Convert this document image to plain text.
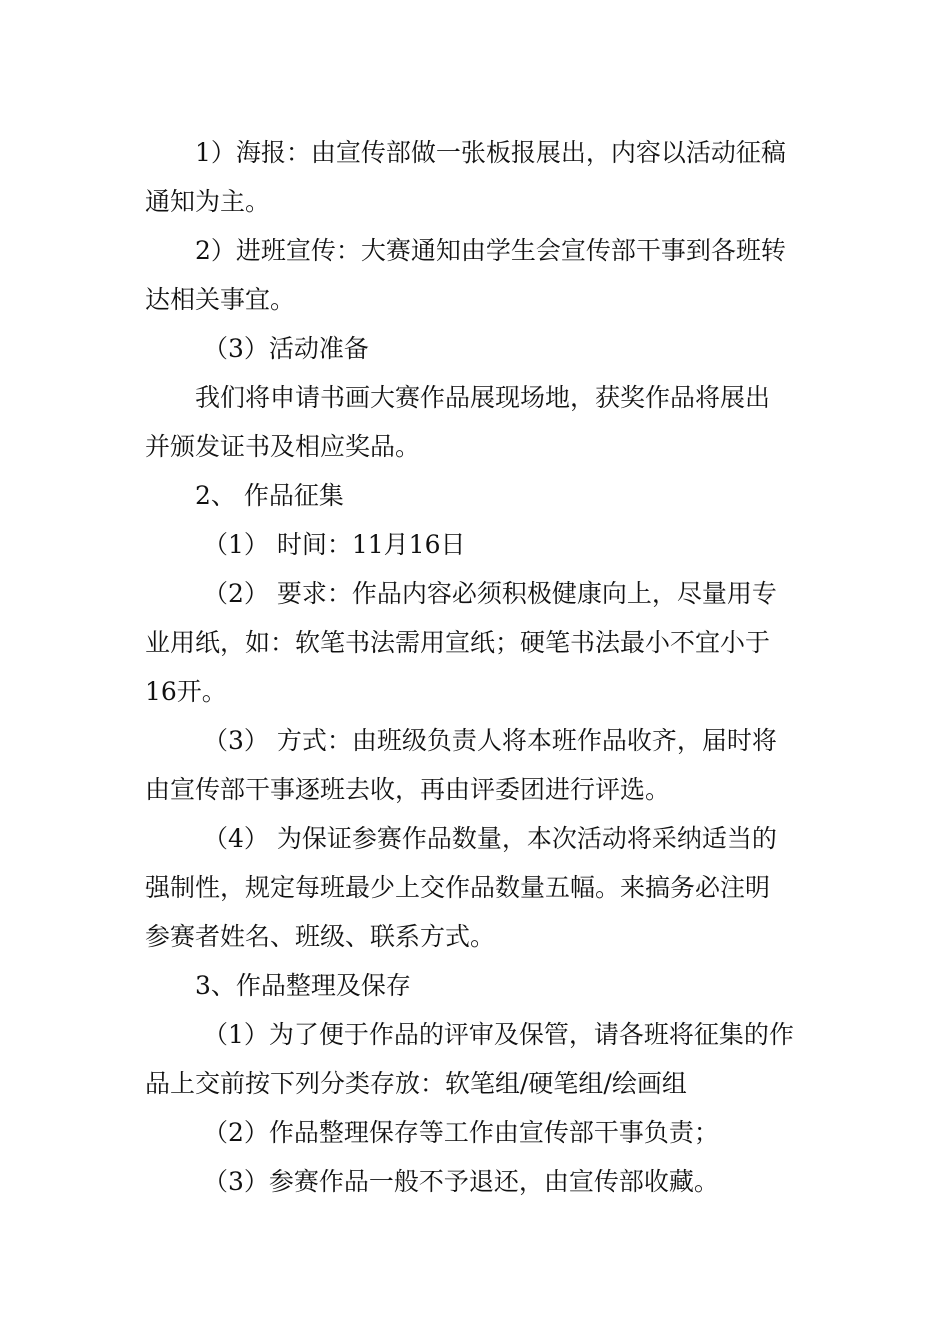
1）海报：由宣传部做一张板报展出，内容以活动征稿
通知为主。
2）进班宣传：大赛通知由学生会宣传部干事到各班转
达相关事宜。
（3）活动准备
我们将申请书画大赛作品展现场地，获奖作品将展出
并颁发证书及相应奖品。
2、 作品征集
（1） 时间：11月16日
（2） 要求：作品内容必须积极健康向上，尽量用专
业用纸，如：软笔书法需用宣纸；硬笔书法最小不宜小于
16开。
（3） 方式：由班级负责人将本班作品收齐，届时将
由宣传部干事逐班去收，再由评委团进行评选。
（4） 为保证参赛作品数量，本次活动将采纳适当的
强制性，规定每班最少上交作品数量五幅。来搞务必注明
参赛者姓名、班级、联系方式。
3、作品整理及保存
（1）为了便于作品的评审及保管，请各班将征集的作
品上交前按下列分类存放：软笔组/硬笔组/绘画组
（2）作品整理保存等工作由宣传部干事负责；
（3）参赛作品一般不予退还，由宣传部收藏。
